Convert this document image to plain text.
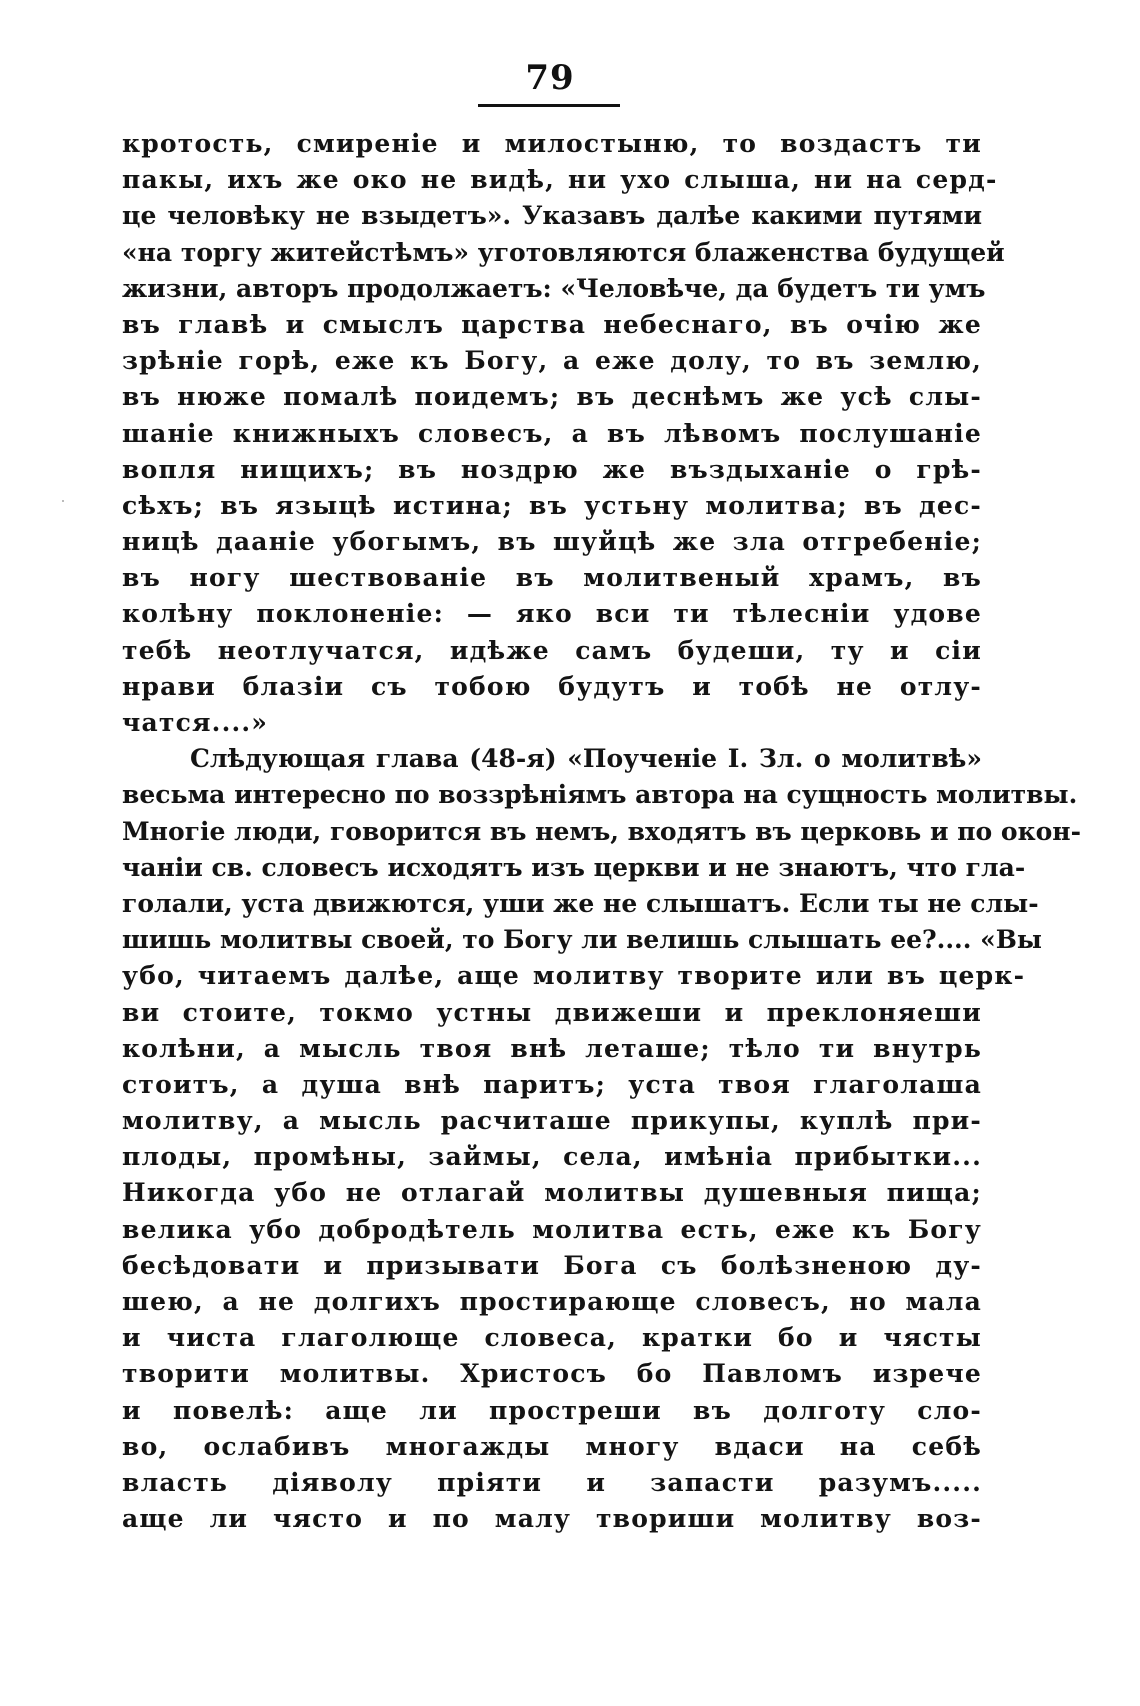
79
кротость, смиреніе и милостыню, то воздастъ ти
пакы, ихъ же око не видѣ, ни ухо слыша, ни на серд-
це человѣку не взыдетъ». Указавъ далѣе какими путями
«на торгу житейстѣмъ» уготовляются блаженства будущей
жизни, авторъ продолжаетъ: «Человѣче, да будетъ ти умъ
въ главѣ и смыслъ царства небеснаго, въ очію же
зрѣніе горѣ, еже къ Богу, а еже долу, то въ землю,
въ нюже помалѣ поидемъ; въ деснѣмъ же усѣ слы-
шаніе книжныхъ словесъ, а въ лѣвомъ послушаніе
вопля нищихъ; въ ноздрю же въздыханіе о грѣ-
сѣхъ; въ языцѣ истина; въ устьну молитва; въ дес-
ницѣ дааніе убогымъ, въ шуйцѣ же зла отгребеніе;
въ ногу шествованіе въ молитвеный храмъ, въ
колѣну поклоненіе: — яко вси ти тѣлесніи удове
тебѣ неотлучатся, идѣже самъ будеши, ту и сіи
нрави блазіи съ тобою будутъ и тобѣ не отлу-
чатся....»
Слѣдующая глава (48-я) «Поученіе І. Зл. о молитвѣ»
весьма интересно по воззрѣніямъ автора на сущность молитвы.
Многіе люди, говорится въ немъ, входятъ въ церковь и по окон-
чаніи св. словесъ исходятъ изъ церкви и не знаютъ, что гла-
голали, уста движются, уши же не слышатъ. Если ты не слы-
шишь молитвы своей, то Богу ли велишь слышать ее?.... «Вы
убо, читаемъ далѣе, аще молитву творите или въ церк-
ви стоите, токмо устны движеши и преклоняеши
колѣни, а мысль твоя внѣ леташе; тѣло ти внутрь
стоитъ, а душа внѣ паритъ; уста твоя глаголаша
молитву, а мысль расчиташе прикупы, куплѣ при-
плоды, промѣны, займы, села, имѣніа прибытки...
Никогда убо не отлагай молитвы душевныя пища;
велика убо добродѣтель молитва есть, еже къ Богу
бесѣдовати и призывати Бога съ болѣзненою ду-
шею, а не долгихъ простирающе словесъ, но мала
и чиста глаголюще словеса, кратки бо и чясты
творити молитвы. Христосъ бо Павломъ изрече
и повелѣ: аще ли простреши въ долготу сло-
во, ослабивъ многажды многу вдаси на себѣ
власть діяволу пріяти и запасти разумъ.....
аще ли чясто и по малу твориши молитву воз-
